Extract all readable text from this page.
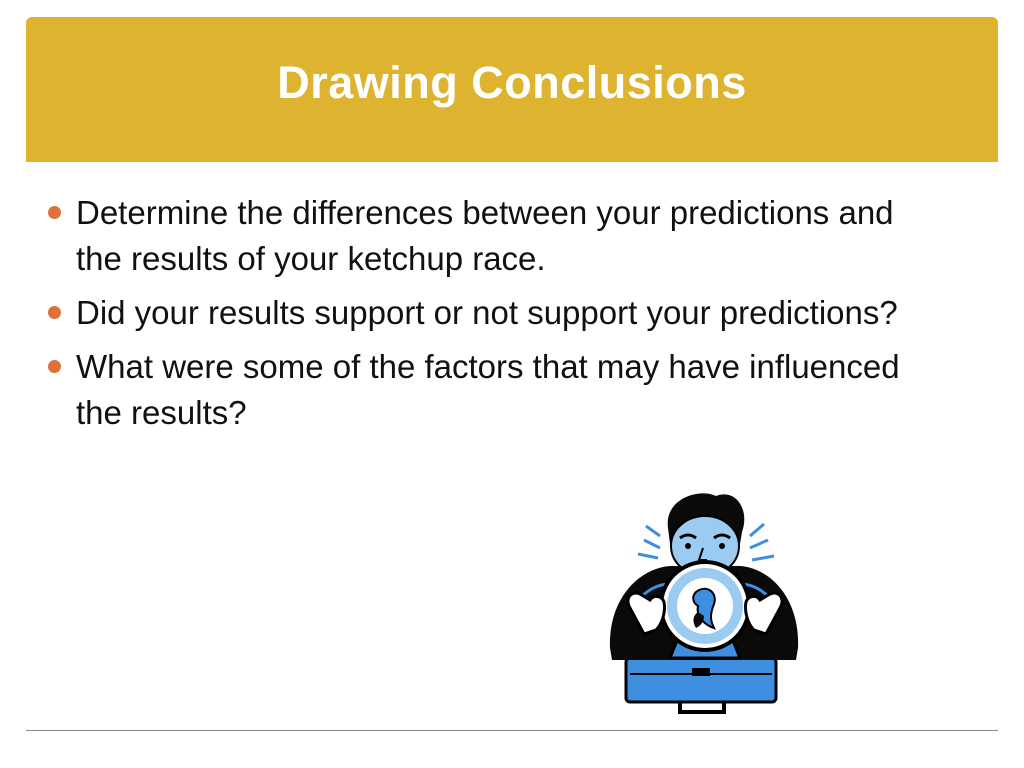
Drawing Conclusions
Determine the differences between your predictions and the results of your ketchup race.
Did your results support or not support your predictions?
What were some of the factors that may have influenced the results?
